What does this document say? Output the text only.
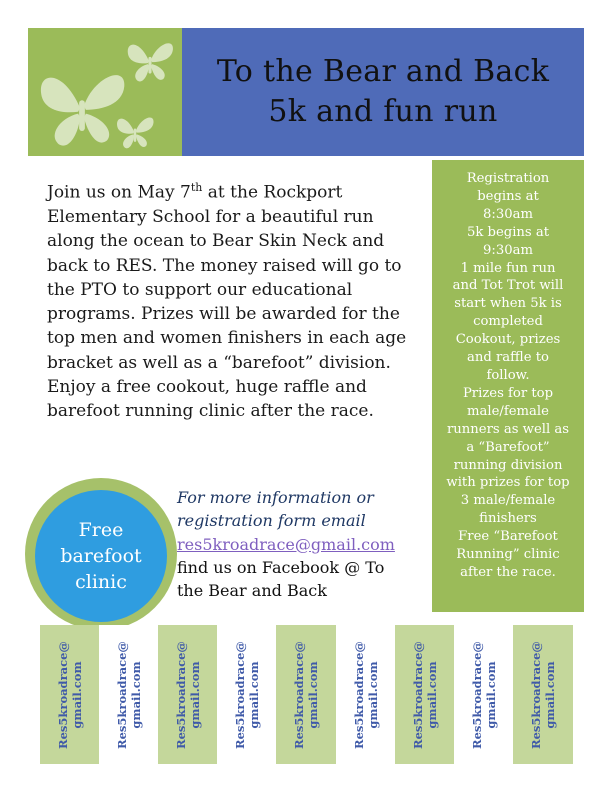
To the Bear and Back
5k and fun run
Join us on May 7th at the Rockport Elementary School for a beautiful run along the ocean to Bear Skin Neck and back to RES. The money raised will go to the PTO to support our educational programs. Prizes will be awarded for the top men and women finishers in each age bracket as well as a “barefoot” division. Enjoy a free cookout, huge raffle and barefoot running clinic after the race.
Registration
begins at
8:30am
5k begins at
9:30am
1 mile fun run
and Tot Trot will
start when 5k is
completed
Cookout, prizes
and raffle to
follow.
Prizes for top
male/female
runners as well as
a “Barefoot”
running division
with prizes for top
3 male/female
finishers
Free “Barefoot
Running” clinic
after the race.
Free
barefoot
clinic
For more information or
registration form email
res5kroadrace@gmail.com
find us on Facebook @ To
the Bear and Back
Res5kroadrace@ gmail.com	Res5kroadrace@ gmail.com	Res5kroadrace@ gmail.com	Res5kroadrace@ gmail.com	Res5kroadrace@ gmail.com	Res5kroadrace@ gmail.com	Res5kroadrace@ gmail.com	Res5kroadrace@ gmail.com	Res5kroadrace@ gmail.com
